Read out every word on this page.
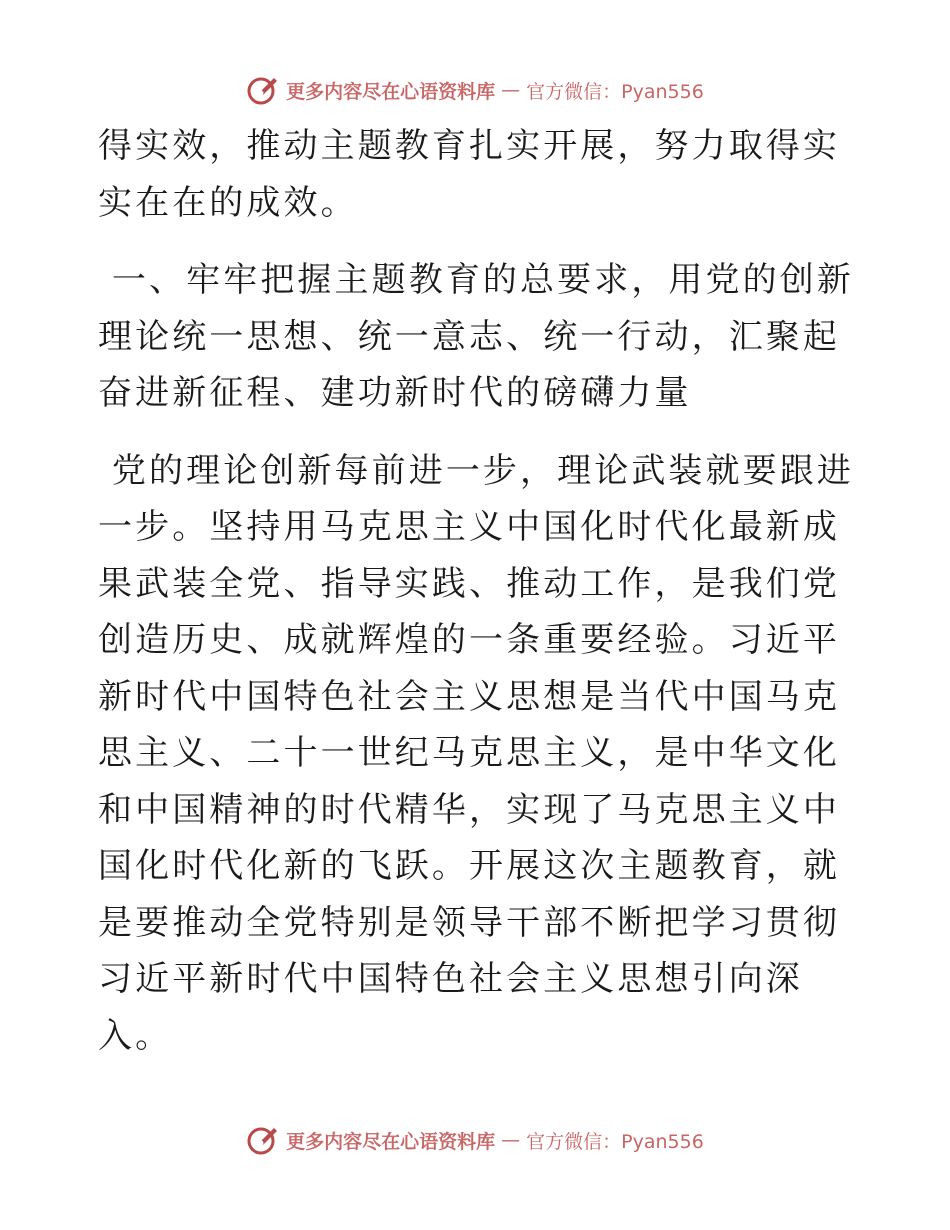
更多内容尽在心语资料库 — 官方微信：Pyan556

得实效，推动主题教育扎实开展，努力取得实实在在的成效。

一、牢牢把握主题教育的总要求，用党的创新理论统一思想、统一意志、统一行动，汇聚起奋进新征程、建功新时代的磅礴力量

党的理论创新每前进一步，理论武装就要跟进一步。坚持用马克思主义中国化时代化最新成果武装全党、指导实践、推动工作，是我们党创造历史、成就辉煌的一条重要经验。习近平新时代中国特色社会主义思想是当代中国马克思主义、二十一世纪马克思主义，是中华文化和中国精神的时代精华，实现了马克思主义中国化时代化新的飞跃。开展这次主题教育，就是要推动全党特别是领导干部不断把学习贯彻习近平新时代中国特色社会主义思想引向深入。

更多内容尽在心语资料库 — 官方微信：Pyan556
